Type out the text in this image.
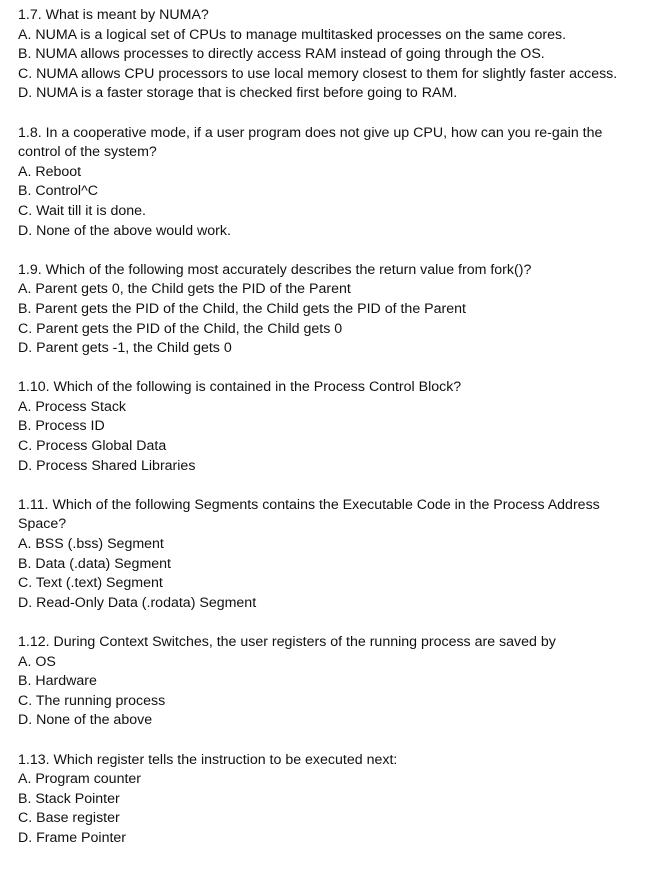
1.7. What is meant by NUMA?
A. NUMA is a logical set of CPUs to manage multitasked processes on the same cores.
B. NUMA allows processes to directly access RAM instead of going through the OS.
C. NUMA allows CPU processors to use local memory closest to them for slightly faster access.
D. NUMA is a faster storage that is checked first before going to RAM.
1.8. In a cooperative mode, if a user program does not give up CPU, how can you re-gain the control of the system?
A. Reboot
B. Control^C
C. Wait till it is done.
D. None of the above would work.
1.9. Which of the following most accurately describes the return value from fork()?
A. Parent gets 0, the Child gets the PID of the Parent
B. Parent gets the PID of the Child, the Child gets the PID of the Parent
C. Parent gets the PID of the Child, the Child gets 0
D. Parent gets -1, the Child gets 0
1.10. Which of the following is contained in the Process Control Block?
A. Process Stack
B. Process ID
C. Process Global Data
D. Process Shared Libraries
1.11. Which of the following Segments contains the Executable Code in the Process Address Space?
A. BSS (.bss) Segment
B. Data (.data) Segment
C. Text (.text) Segment
D. Read-Only Data (.rodata) Segment
1.12. During Context Switches, the user registers of the running process are saved by
A. OS
B. Hardware
C. The running process
D. None of the above
1.13. Which register tells the instruction to be executed next:
A. Program counter
B. Stack Pointer
C. Base register
D. Frame Pointer
